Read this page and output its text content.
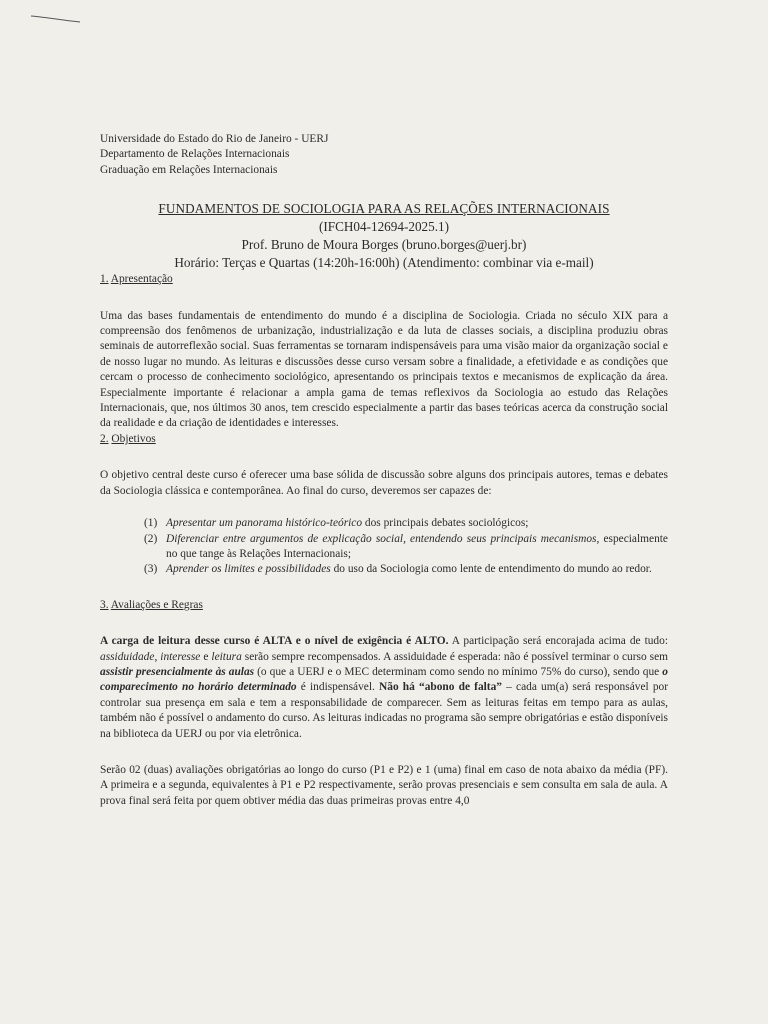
Universidade do Estado do Rio de Janeiro - UERJ
Departamento de Relações Internacionais
Graduação em Relações Internacionais
FUNDAMENTOS DE SOCIOLOGIA PARA AS RELAÇÕES INTERNACIONAIS
(IFCH04-12694-2025.1)
Prof. Bruno de Moura Borges (bruno.borges@uerj.br)
Horário: Terças e Quartas (14:20h-16:00h) (Atendimento: combinar via e-mail)
1. Apresentação

Uma das bases fundamentais de entendimento do mundo é a disciplina de Sociologia. Criada no século XIX para a compreensão dos fenômenos de urbanização, industrialização e da luta de classes sociais, a disciplina produziu obras seminais de autorreflexão social. Suas ferramentas se tornaram indispensáveis para uma visão maior da organização social e de nosso lugar no mundo. As leituras e discussões desse curso versam sobre a finalidade, a efetividade e as condições que cercam o processo de conhecimento sociológico, apresentando os principais textos e mecanismos de explicação da área. Especialmente importante é relacionar a ampla gama de temas reflexivos da Sociologia ao estudo das Relações Internacionais, que, nos últimos 30 anos, tem crescido especialmente a partir das bases teóricas acerca da construção social da realidade e da criação de identidades e interesses.

2. Objetivos

O objetivo central deste curso é oferecer uma base sólida de discussão sobre alguns dos principais autores, temas e debates da Sociologia clássica e contemporânea. Ao final do curso, deveremos ser capazes de:

(1) Apresentar um panorama histórico-teórico dos principais debates sociológicos;
(2) Diferenciar entre argumentos de explicação social, entendendo seus principais mecanismos, especialmente no que tange às Relações Internacionais;
(3) Aprender os limites e possibilidades do uso da Sociologia como lente de entendimento do mundo ao redor.
3. Avaliações e Regras

A carga de leitura desse curso é ALTA e o nível de exigência é ALTO. A participação será encorajada acima de tudo: assiduidade, interesse e leitura serão sempre recompensados. A assiduidade é esperada: não é possível terminar o curso sem assistir presencialmente às aulas (o que a UERJ e o MEC determinam como sendo no mínimo 75% do curso), sendo que o comparecimento no horário determinado é indispensável. Não há “abono de falta” – cada um(a) será responsável por controlar sua presença em sala e tem a responsabilidade de comparecer. Sem as leituras feitas em tempo para as aulas, também não é possível o andamento do curso. As leituras indicadas no programa são sempre obrigatórias e estão disponíveis na biblioteca da UERJ ou por via eletrônica.

Serão 02 (duas) avaliações obrigatórias ao longo do curso (P1 e P2) e 1 (uma) final em caso de nota abaixo da média (PF). A primeira e a segunda, equivalentes à P1 e P2 respectivamente, serão provas presenciais e sem consulta em sala de aula. A prova final será feita por quem obtiver média das duas primeiras provas entre 4,0
